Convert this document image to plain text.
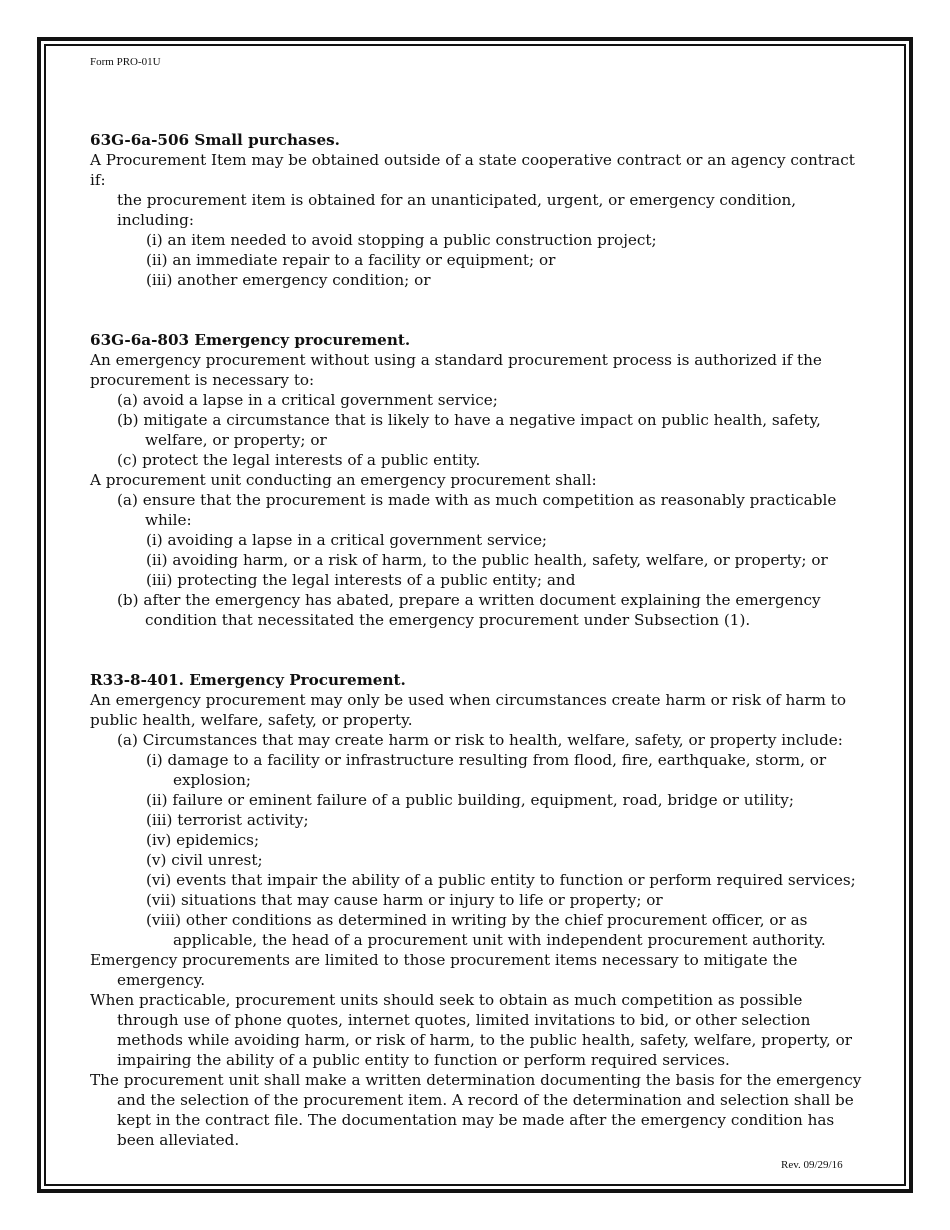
Form PRO-01U

63G-6a-506 Small purchases.

A Procurement Item may be obtained outside of a state cooperative contract or an agency contract if:

the procurement item is obtained for an unanticipated, urgent, or emergency condition, including:

(i) an item needed to avoid stopping a public construction project;

(ii) an immediate repair to a facility or equipment; or

(iii) another emergency condition; or

63G-6a-803 Emergency procurement.

An emergency procurement without using a standard procurement process is authorized if the procurement is necessary to:

(a) avoid a lapse in a critical government service;

(b) mitigate a circumstance that is likely to have a negative impact on public health, safety, welfare, or property; or

(c) protect the legal interests of a public entity.

A procurement unit conducting an emergency procurement shall:

(a) ensure that the procurement is made with as much competition as reasonably practicable while:

(i) avoiding a lapse in a critical government service;

(ii) avoiding harm, or a risk of harm, to the public health, safety, welfare, or property; or

(iii) protecting the legal interests of a public entity; and

(b) after the emergency has abated, prepare a written document explaining the emergency condition that necessitated the emergency procurement under Subsection (1).

R33-8-401. Emergency Procurement.

An emergency procurement may only be used when circumstances create harm or risk of harm to public health, welfare, safety, or property.

(a) Circumstances that may create harm or risk to health, welfare, safety, or property include:

(i) damage to a facility or infrastructure resulting from flood, fire, earthquake, storm, or explosion;

(ii) failure or eminent failure of a public building, equipment, road, bridge or utility;

(iii) terrorist activity;

(iv) epidemics;

(v) civil unrest;

(vi) events that impair the ability of a public entity to function or perform required services;

(vii) situations that may cause harm or injury to life or property; or

(viii) other conditions as determined in writing by the chief procurement officer, or as applicable, the head of a procurement unit with independent procurement authority.

Emergency procurements are limited to those procurement items necessary to mitigate the emergency.

When practicable, procurement units should seek to obtain as much competition as possible through use of phone quotes, internet quotes, limited invitations to bid, or other selection methods while avoiding harm, or risk of harm, to the public health, safety, welfare, property, or impairing the ability of a public entity to function or perform required services.

The procurement unit shall make a written determination documenting the basis for the emergency and the selection of the procurement item. A record of the determination and selection shall be kept in the contract file. The documentation may be made after the emergency condition has been alleviated.

Rev. 09/29/16
